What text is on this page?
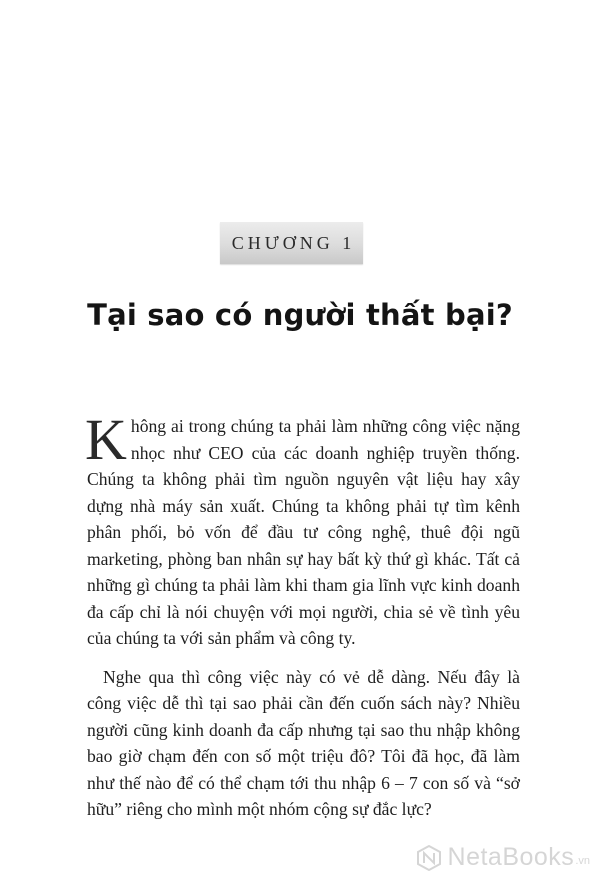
CHƯƠNG 1
Tại sao có người thất bại?

Không ai trong chúng ta phải làm những công việc nặng nhọc như CEO của các doanh nghiệp truyền thống. Chúng ta không phải tìm nguồn nguyên vật liệu hay xây dựng nhà máy sản xuất. Chúng ta không phải tự tìm kênh phân phối, bỏ vốn để đầu tư công nghệ, thuê đội ngũ marketing, phòng ban nhân sự hay bất kỳ thứ gì khác. Tất cả những gì chúng ta phải làm khi tham gia lĩnh vực kinh doanh đa cấp chỉ là nói chuyện với mọi người, chia sẻ về tình yêu của chúng ta với sản phẩm và công ty.

Nghe qua thì công việc này có vẻ dễ dàng. Nếu đây là công việc dễ thì tại sao phải cần đến cuốn sách này? Nhiều người cũng kinh doanh đa cấp nhưng tại sao thu nhập không bao giờ chạm đến con số một triệu đô? Tôi đã học, đã làm như thế nào để có thể chạm tới thu nhập 6 – 7 con số và “sở hữu” riêng cho mình một nhóm cộng sự đắc lực?

NetaBooks .vn
